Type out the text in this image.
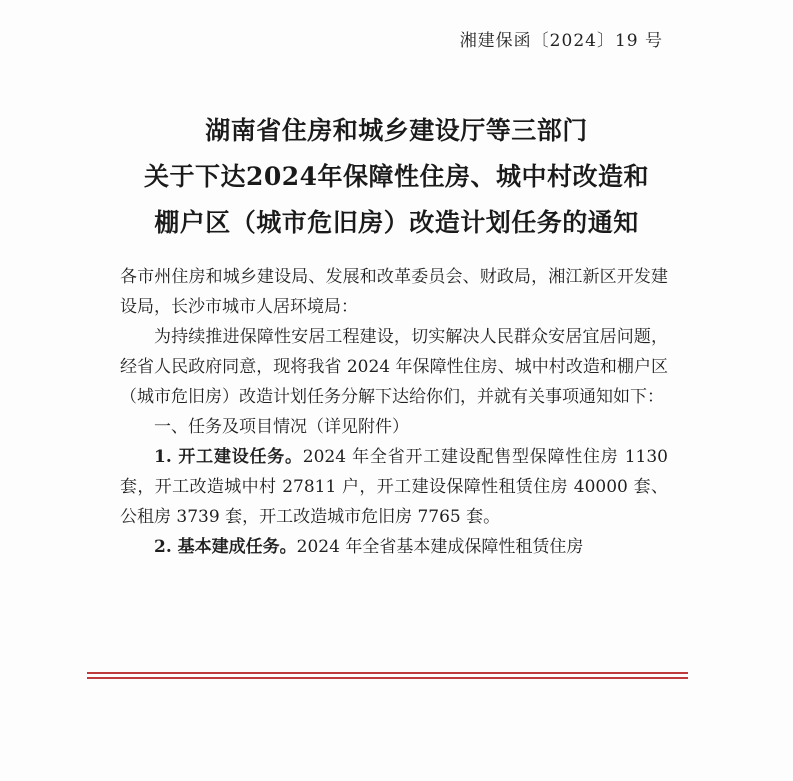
湘建保函〔2024〕19 号
湖南省住房和城乡建设厅等三部门
关于下达2024年保障性住房、城中村改造和
棚户区（城市危旧房）改造计划任务的通知

各市州住房和城乡建设局、发展和改革委员会、财政局，湘江新区开发建设局，长沙市城市人居环境局：

为持续推进保障性安居工程建设，切实解决人民群众安居宜居问题，经省人民政府同意，现将我省 2024 年保障性住房、城中村改造和棚户区（城市危旧房）改造计划任务分解下达给你们，并就有关事项通知如下：

一、任务及项目情况（详见附件）

1. 开工建设任务。2024 年全省开工建设配售型保障性住房 1130 套，开工改造城中村 27811 户，开工建设保障性租赁住房 40000 套、公租房 3739 套，开工改造城市危旧房 7765 套。

2. 基本建成任务。2024 年全省基本建成保障性租赁住房
